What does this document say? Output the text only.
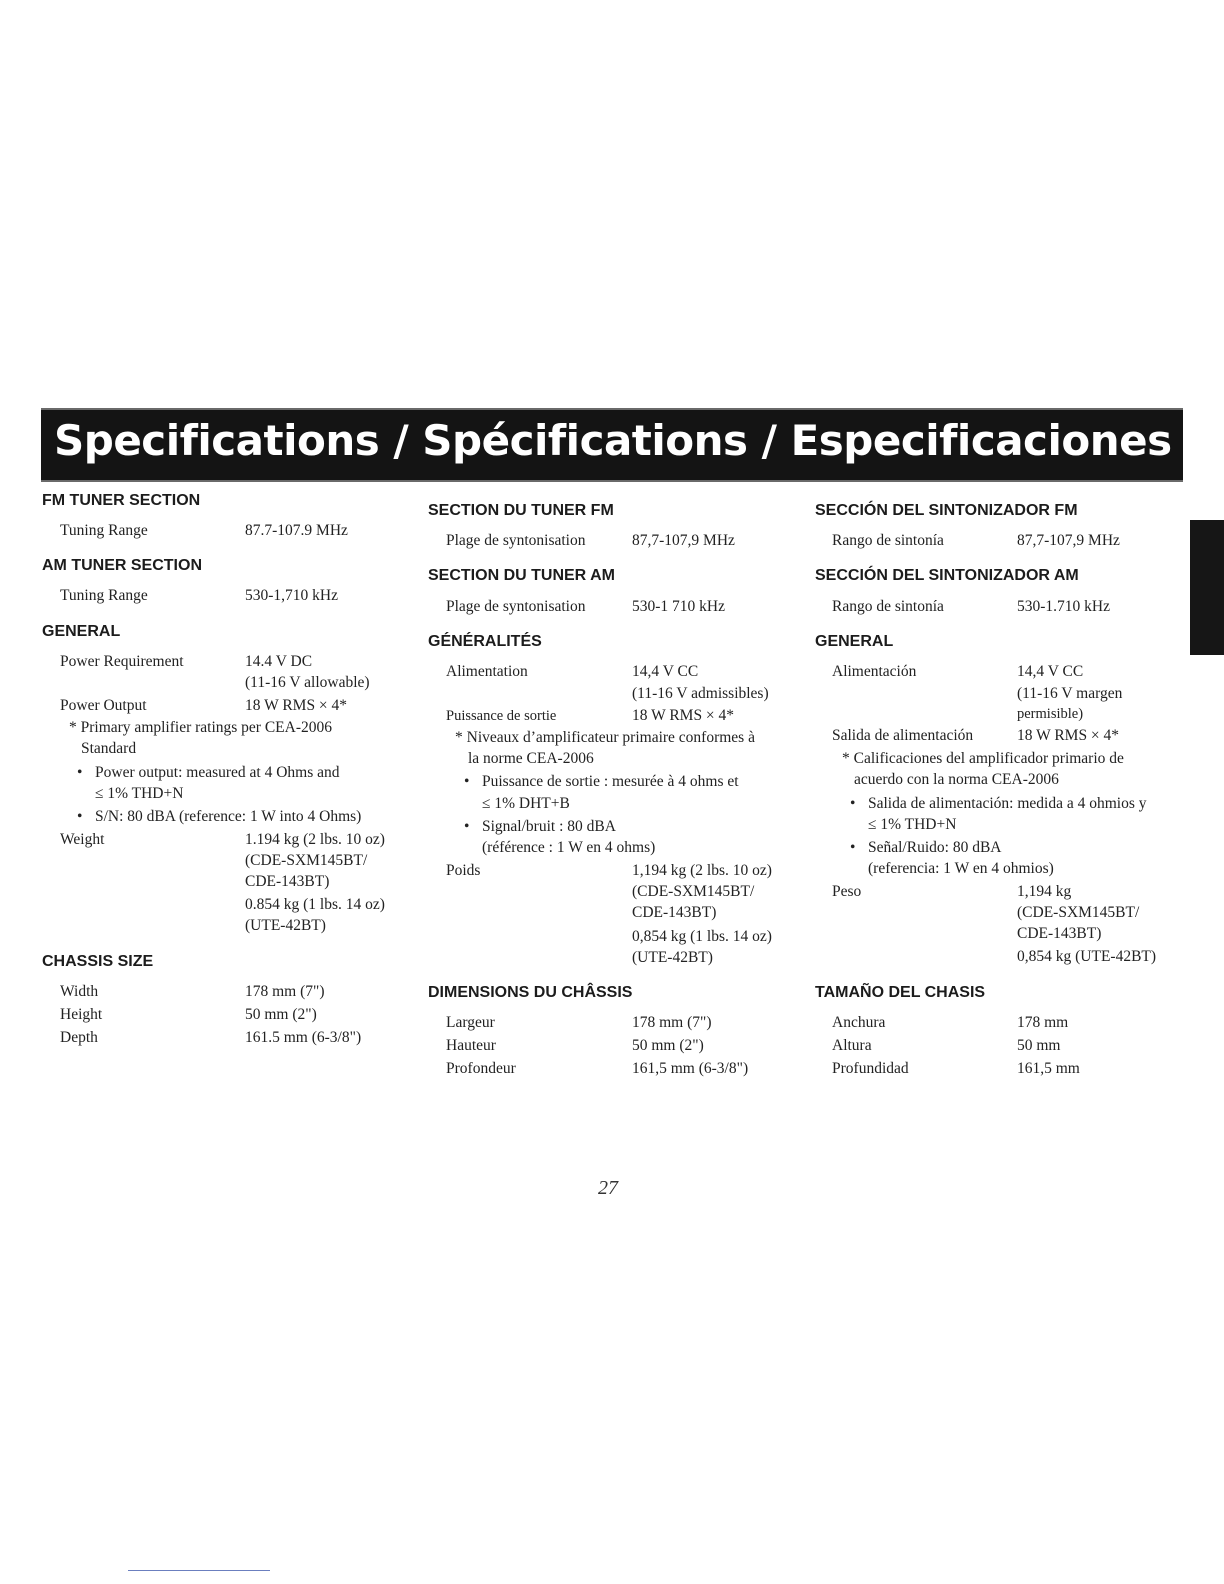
Specifications / Spécifications / Especificaciones
FM TUNER SECTION
Tuning Range	87.7-107.9 MHz
AM TUNER SECTION
Tuning Range	530-1,710 kHz
GENERAL
Power Requirement	14.4 V DC
(11-16 V allowable)
Power Output	18 W RMS × 4*
* Primary amplifier ratings per CEA-2006
Standard
• Power output: measured at 4 Ohms and
≤ 1% THD+N
• S/N: 80 dBA (reference: 1 W into 4 Ohms)
Weight	1.194 kg (2 lbs. 10 oz)
(CDE-SXM145BT/
CDE-143BT)
0.854 kg (1 lbs. 14 oz)
(UTE-42BT)
CHASSIS SIZE
Width	178 mm (7")
Height	50 mm (2")
Depth	161.5 mm (6-3/8")
SECTION DU TUNER FM
Plage de syntonisation	87,7-107,9 MHz
SECTION DU TUNER AM
Plage de syntonisation	530-1 710 kHz
GÉNÉRALITÉS
Alimentation	14,4 V CC
(11-16 V admissibles)
Puissance de sortie	18 W RMS × 4*
* Niveaux d’amplificateur primaire conformes à
la norme CEA-2006
• Puissance de sortie : mesurée à 4 ohms et
≤ 1% DHT+B
• Signal/bruit : 80 dBA
(référence : 1 W en 4 ohms)
Poids	1,194 kg (2 lbs. 10 oz)
(CDE-SXM145BT/
CDE-143BT)
0,854 kg (1 lbs. 14 oz)
(UTE-42BT)
DIMENSIONS DU CHÂSSIS
Largeur	178 mm (7")
Hauteur	50 mm (2")
Profondeur	161,5 mm (6-3/8")
SECCIÓN DEL SINTONIZADOR FM
Rango de sintonía	87,7-107,9 MHz
SECCIÓN DEL SINTONIZADOR AM
Rango de sintonía	530-1.710 kHz
GENERAL
Alimentación	14,4 V CC
(11-16 V margen
permisible)
Salida de alimentación	18 W RMS × 4*
* Calificaciones del amplificador primario de
acuerdo con la norma CEA-2006
• Salida de alimentación: medida a 4 ohmios y
≤ 1% THD+N
• Señal/Ruido: 80 dBA
(referencia: 1 W en 4 ohmios)
Peso	1,194 kg
(CDE-SXM145BT/
CDE-143BT)
0,854 kg (UTE-42BT)
TAMAÑO DEL CHASIS
Anchura	178 mm
Altura	50 mm
Profundidad	161,5 mm
27
